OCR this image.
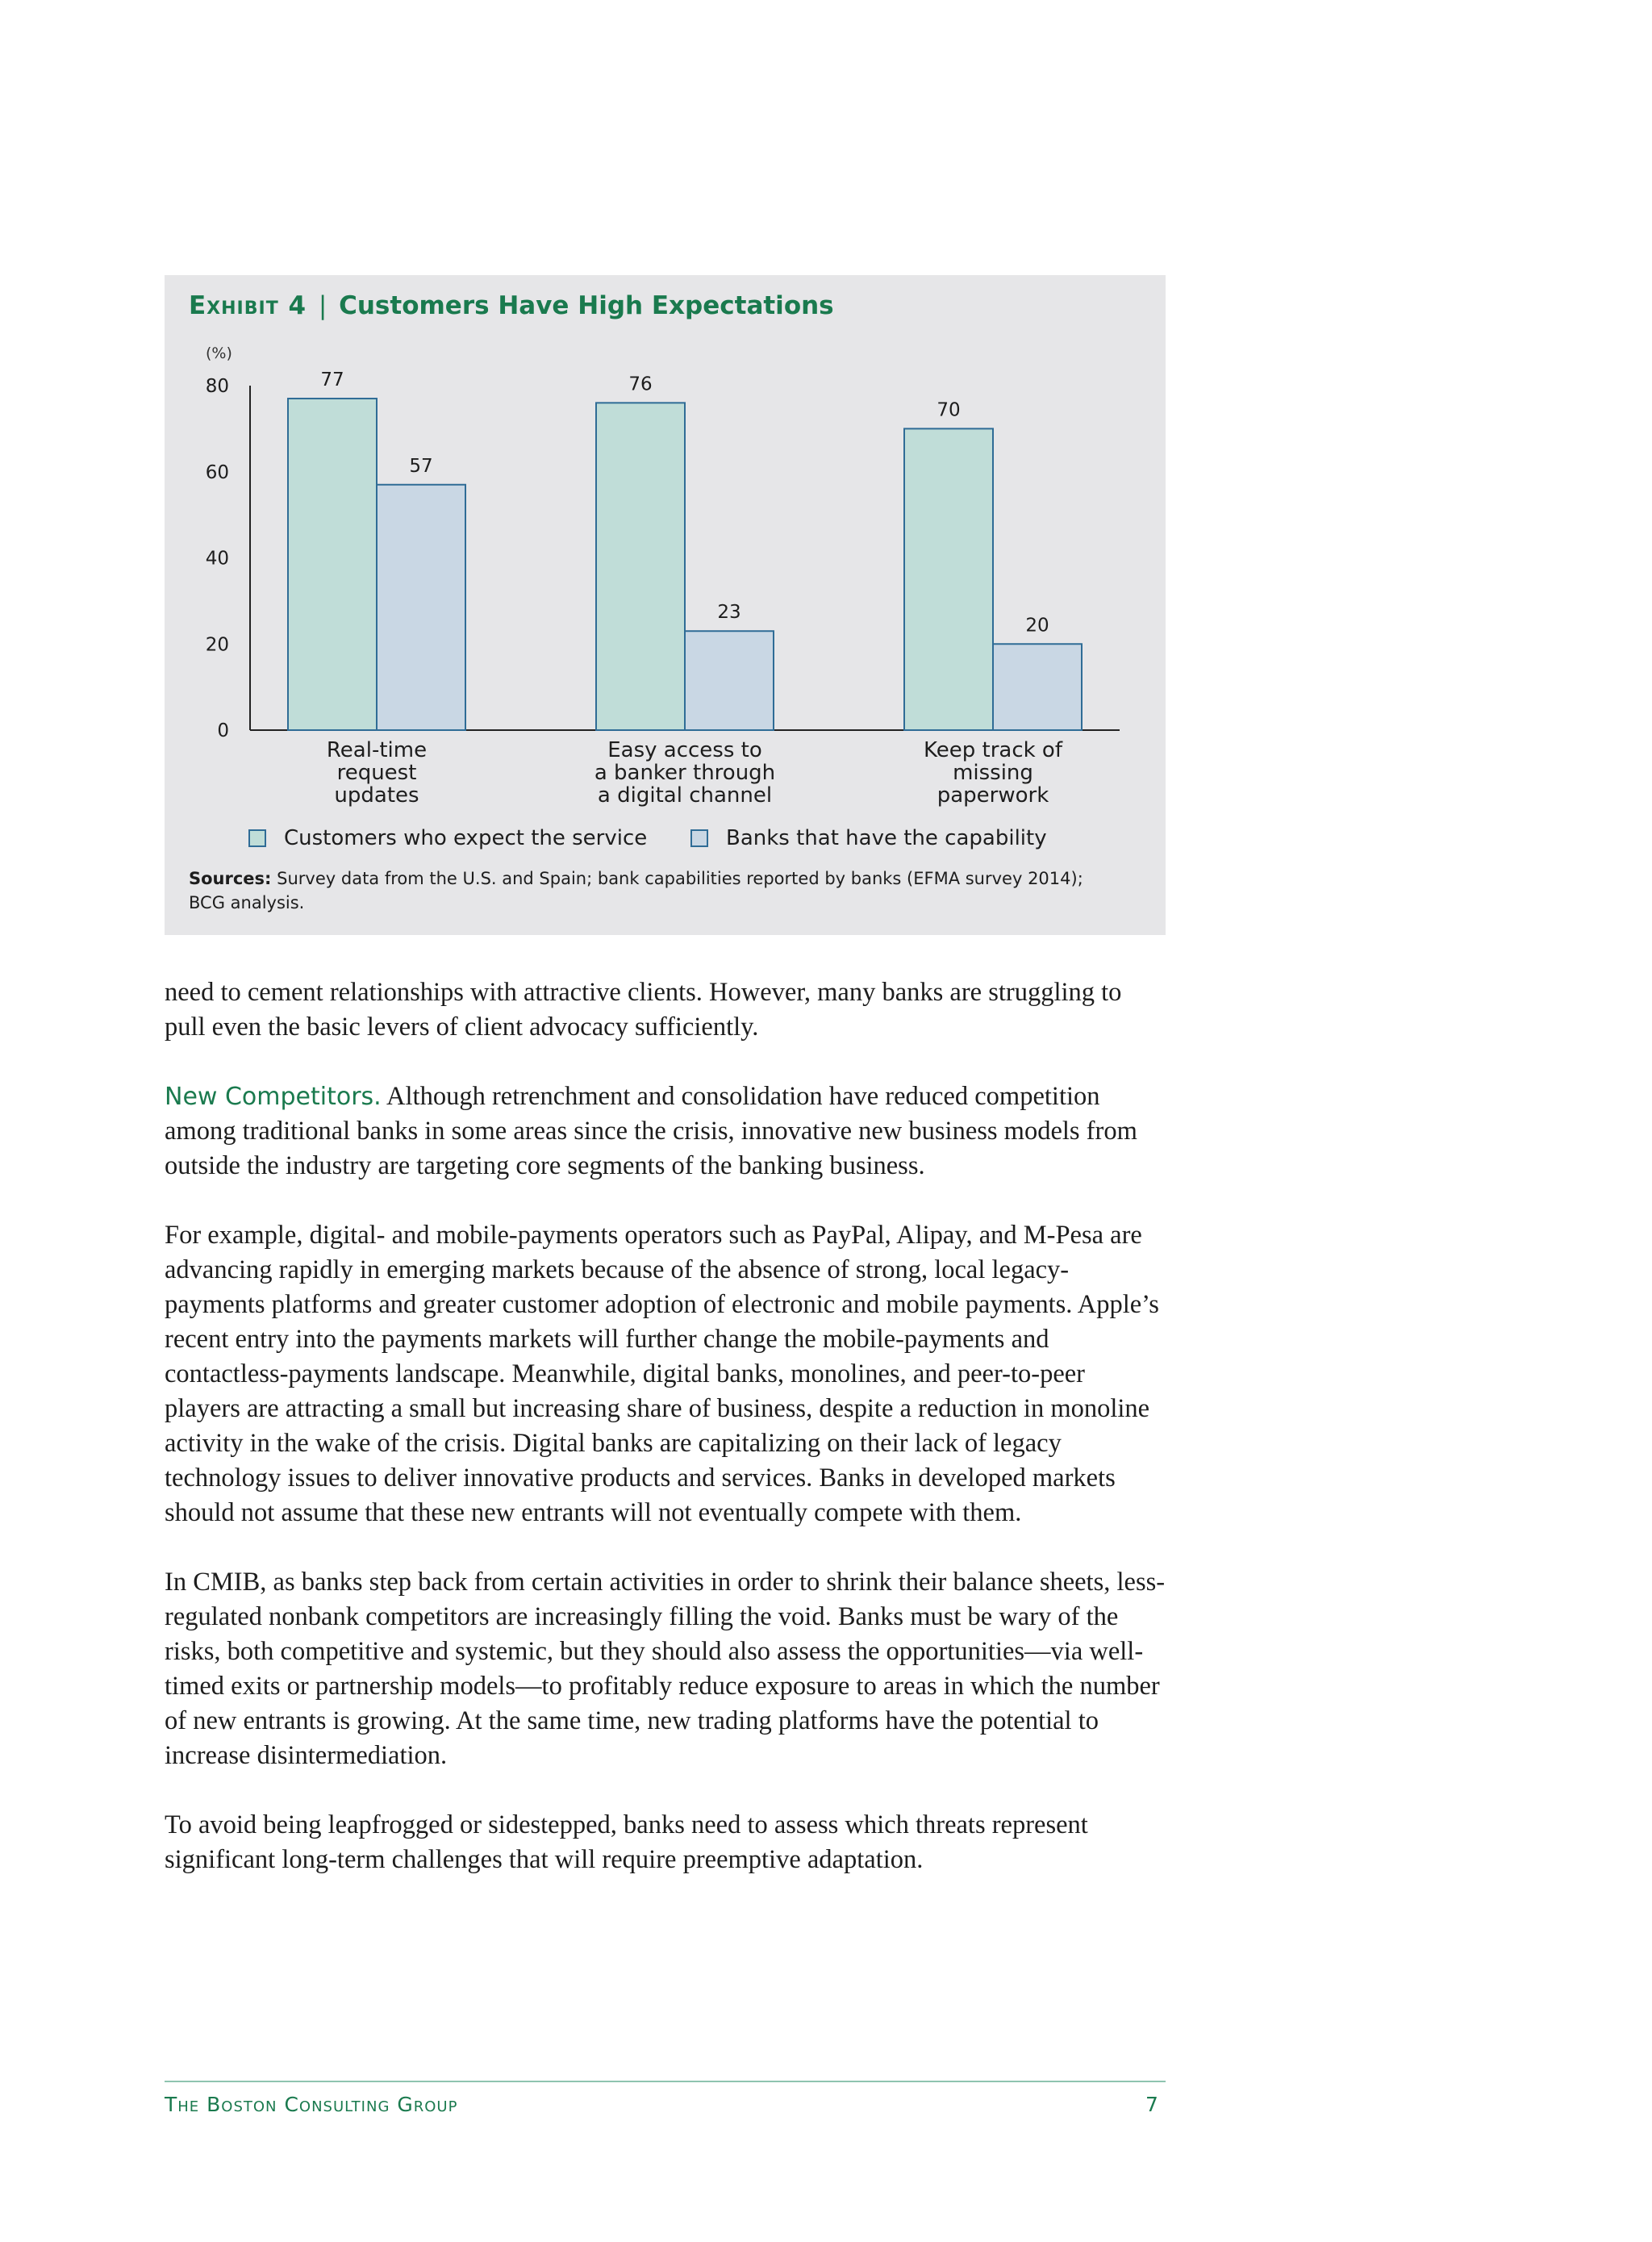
(%)
0
20
40
60
80	77
57
Real-time
request
updates
76
23
Easy access to
a banker through
a digital channel
70
20
Keep track of
missing
paperwork
Exhibit 4 | Customers Have High Expectations
Customers who expect the service	Banks that have the capability
Sources: Survey data from the U.S. and Spain; bank capabilities reported by banks (EFMA survey 2014); BCG analysis.

need to cement relationships with attractive clients. However, many banks are struggling to pull even the basic levers of client advocacy sufficiently.

New Competitors. Although retrenchment and consolidation have reduced competition among traditional banks in some areas since the crisis, innovative new business models from outside the industry are targeting core segments of the banking business.

For example, digital- and mobile-payments operators such as PayPal, Alipay, and M-Pesa are advancing rapidly in emerging markets because of the absence of strong, local legacy-payments platforms and greater customer adoption of electronic and mobile payments. Apple’s recent entry into the payments markets will further change the mobile-payments and contactless-payments landscape. Meanwhile, digital banks, monolines, and peer-to-peer players are attracting a small but increasing share of business, despite a reduction in monoline activity in the wake of the crisis. Digital banks are capitalizing on their lack of legacy technology issues to deliver innovative products and services. Banks in developed markets should not assume that these new entrants will not eventually compete with them.

In CMIB, as banks step back from certain activities in order to shrink their balance sheets, less-regulated nonbank competitors are increasingly filling the void. Banks must be wary of the risks, both competitive and systemic, but they should also assess the opportunities—via well-timed exits or partnership models—to profitably reduce exposure to areas in which the number of new entrants is growing. At the same time, new trading platforms have the potential to increase disintermediation.

To avoid being leapfrogged or sidestepped, banks need to assess which threats represent significant long-term challenges that will require preemptive adaptation.

The Boston Consulting Group	7
